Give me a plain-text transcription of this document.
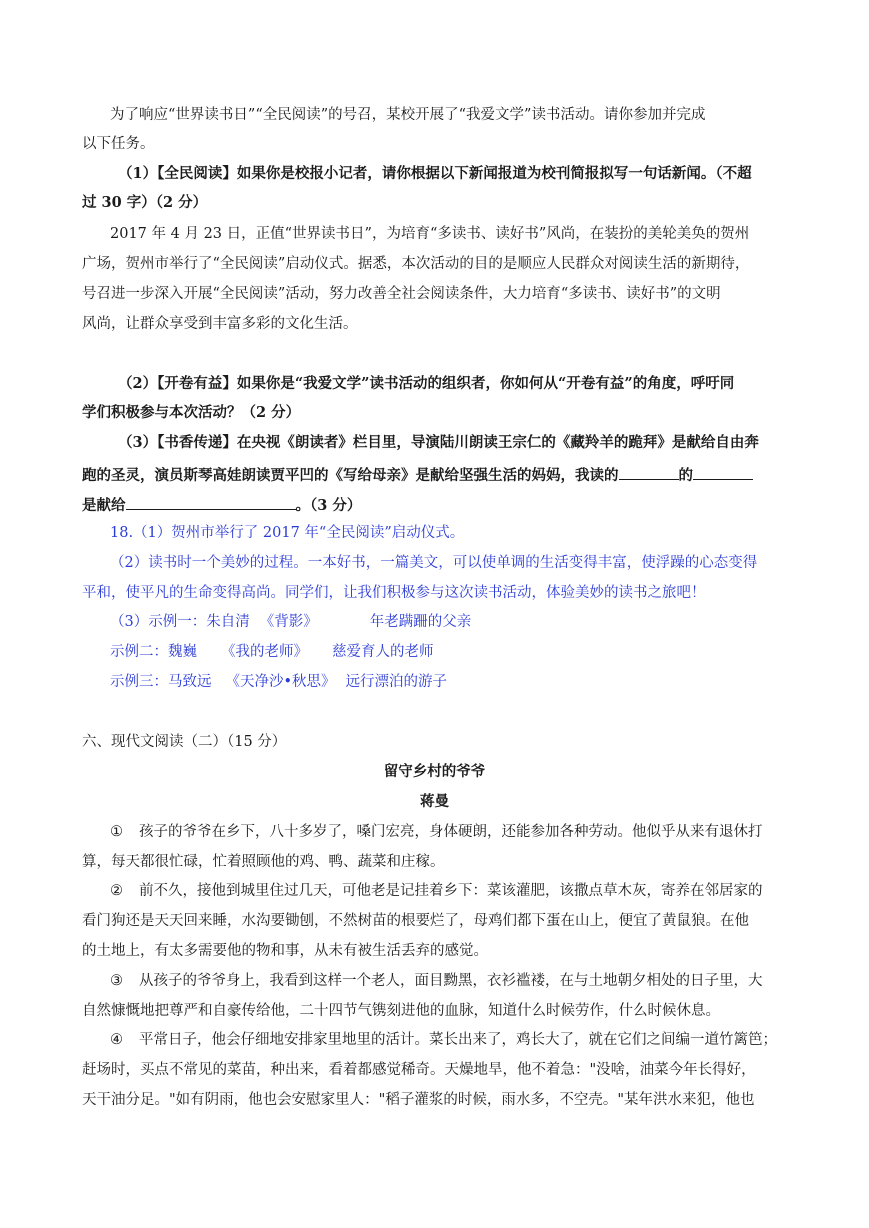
为了响应“世界读书日”“全民阅读”的号召，某校开展了“我爱文学”读书活动。请你参加并完成
以下任务。
（1）【全民阅读】如果你是校报小记者，请你根据以下新闻报道为校刊简报拟写一句话新闻。（不超
过 30 字）（2 分）
2017 年 4 月 23 日，正值“世界读书日”，为培育“多读书、读好书”风尚，在装扮的美轮美奂的贺州
广场，贺州市举行了“全民阅读”启动仪式。据悉，本次活动的目的是顺应人民群众对阅读生活的新期待，
号召进一步深入开展“全民阅读”活动，努力改善全社会阅读条件，大力培育“多读书、读好书”的文明
风尚，让群众享受到丰富多彩的文化生活。
（2）【开卷有益】如果你是“我爱文学”读书活动的组织者，你如何从“开卷有益”的角度，呼吁同
学们积极参与本次活动？（2 分）
（3）【书香传递】在央视《朗读者》栏目里，导演陆川朗读王宗仁的《藏羚羊的跪拜》是献给自由奔
跑的圣灵，演员斯琴高娃朗读贾平凹的《写给母亲》是献给坚强生活的妈妈，我读的	的
是献给	。（3 分）
18.（1）贺州市举行了 2017 年“全民阅读”启动仪式。
（2）读书时一个美妙的过程。一本好书，一篇美文，可以使单调的生活变得丰富，使浮躁的心态变得
平和，使平凡的生命变得高尚。同学们，让我们积极参与这次读书活动，体验美妙的读书之旅吧！
（3）示例一：朱自清 《背影》	年老蹒跚的父亲
示例二：魏巍 《我的老师》 慈爱育人的老师
示例三：马致远 《天净沙•秋思》 远行漂泊的游子
六、现代文阅读（二）（15 分）
留守乡村的爷爷
蒋曼
① 孩子的爷爷在乡下，八十多岁了，嗓门宏亮，身体硬朗，还能参加各种劳动。他似乎从来有退休打
算，每天都很忙碌，忙着照顾他的鸡、鸭、蔬菜和庄稼。
② 前不久，接他到城里住过几天，可他老是记挂着乡下：菜该灌肥，该撒点草木灰，寄养在邻居家的
看门狗还是天天回来睡，水沟要锄刨，不然树苗的根要烂了，母鸡们都下蛋在山上，便宜了黄鼠狼。在他
的土地上，有太多需要他的物和事，从未有被生活丢弃的感觉。
③ 从孩子的爷爷身上，我看到这样一个老人，面目黝黑，衣衫褴褛，在与土地朝夕相处的日子里，大
自然慷慨地把尊严和自豪传给他，二十四节气镌刻进他的血脉，知道什么时候劳作，什么时候休息。
④ 平常日子，他会仔细地安排家里地里的活计。菜长出来了，鸡长大了，就在它们之间编一道竹篱笆；
赶场时，买点不常见的菜苗，种出来，看着都感觉稀奇。天燥地旱，他不着急："没啥，油菜今年长得好，
天干油分足。"如有阴雨，他也会安慰家里人："稻子灌浆的时候，雨水多，不空壳。"某年洪水来犯，他也
